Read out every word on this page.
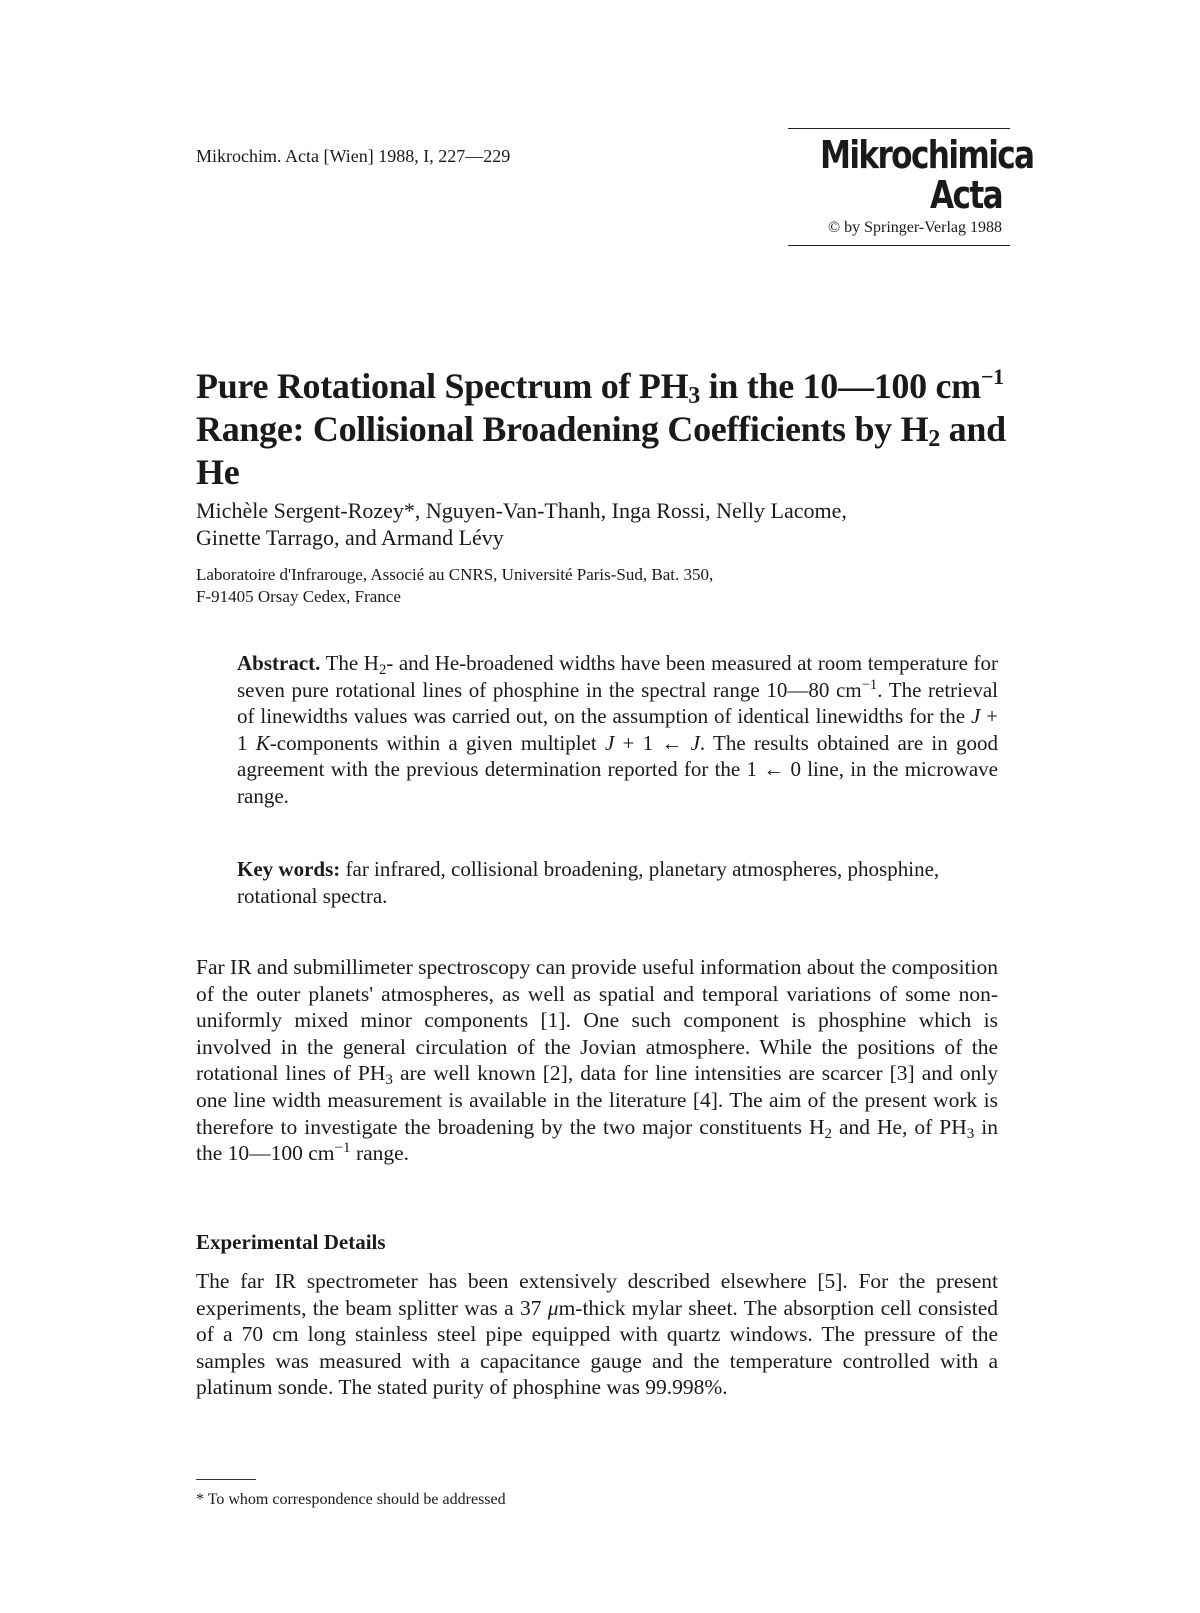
Mikrochim. Acta [Wien] 1988, I, 227—229	Mikrochimica
Acta
© by Springer-Verlag 1988
Pure Rotational Spectrum of $PH_3$ in the 10—100 $cm^{-1}$
Range: Collisional Broadening Coefficients by $H_2$ and He
Michèle Sergent-Rozey*, Nguyen-Van-Thanh, Inga Rossi, Nelly Lacome,
Ginette Tarrago, and Armand Lévy
Laboratoire d'Infrarouge, Associé au CNRS, Université Paris-Sud, Bat. 350,
F-91405 Orsay Cedex, France
Abstract. The $H_2-$ and He-broadened widths have been measured at room temperature for seven pure rotational lines of phosphine in the spectral range 10—80 $cm^{-1}$. The retrieval of linewidths values was carried out, on the assumption of identical linewidths for the J + 1 K-components within a given multiplet J + 1 ← J. The results obtained are in good agreement with the previous determination reported for the 1 ← 0 line, in the microwave range.
Key words: far infrared, collisional broadening, planetary atmospheres, phosphine, rotational spectra.
Far IR and submillimeter spectroscopy can provide useful information about the composition of the outer planets' atmospheres, as well as spatial and temporal variations of some non-uniformly mixed minor components [1]. One such component is phosphine which is involved in the general circulation of the Jovian atmosphere. While the positions of the rotational lines of $PH_3$ are well known [2], data for line intensities are scarcer [3] and only one line width measurement is available in the literature [4]. The aim of the present work is therefore to investigate the broadening by the two major constituents $H_2$ and He, of $PH_3$ in the 10—100 $cm^{-1}$ range.
Experimental Details
The far IR spectrometer has been extensively described elsewhere [5]. For the present experiments, the beam splitter was a 37 μm-thick mylar sheet. The absorption cell consisted of a 70 cm long stainless steel pipe equipped with quartz windows. The pressure of the samples was measured with a capacitance gauge and the temperature controlled with a platinum sonde. The stated purity of phosphine was 99.998%.
* To whom correspondence should be addressed
